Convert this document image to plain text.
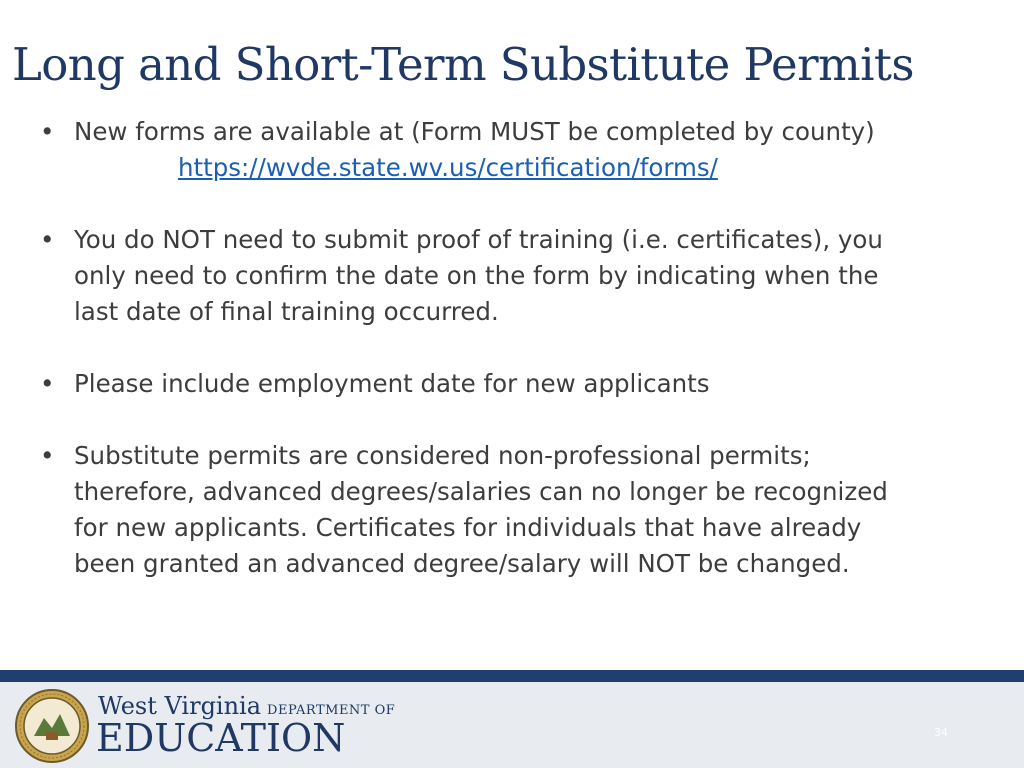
Long and Short-Term Substitute Permits
• New forms are available at (Form MUST be completed by county)
https://wvde.state.wv.us/certification/forms/
• You do NOT need to submit proof of training (i.e. certificates), you
only need to confirm the date on the form by indicating when the
last date of final training occurred.
• Please include employment date for new applicants
• Substitute permits are considered non-professional permits;
therefore, advanced degrees/salaries can no longer be recognized
for new applicants. Certificates for individuals that have already
been granted an advanced degree/salary will NOT be changed.
West Virginia DEPARTMENT OF
EDUCATION	34
